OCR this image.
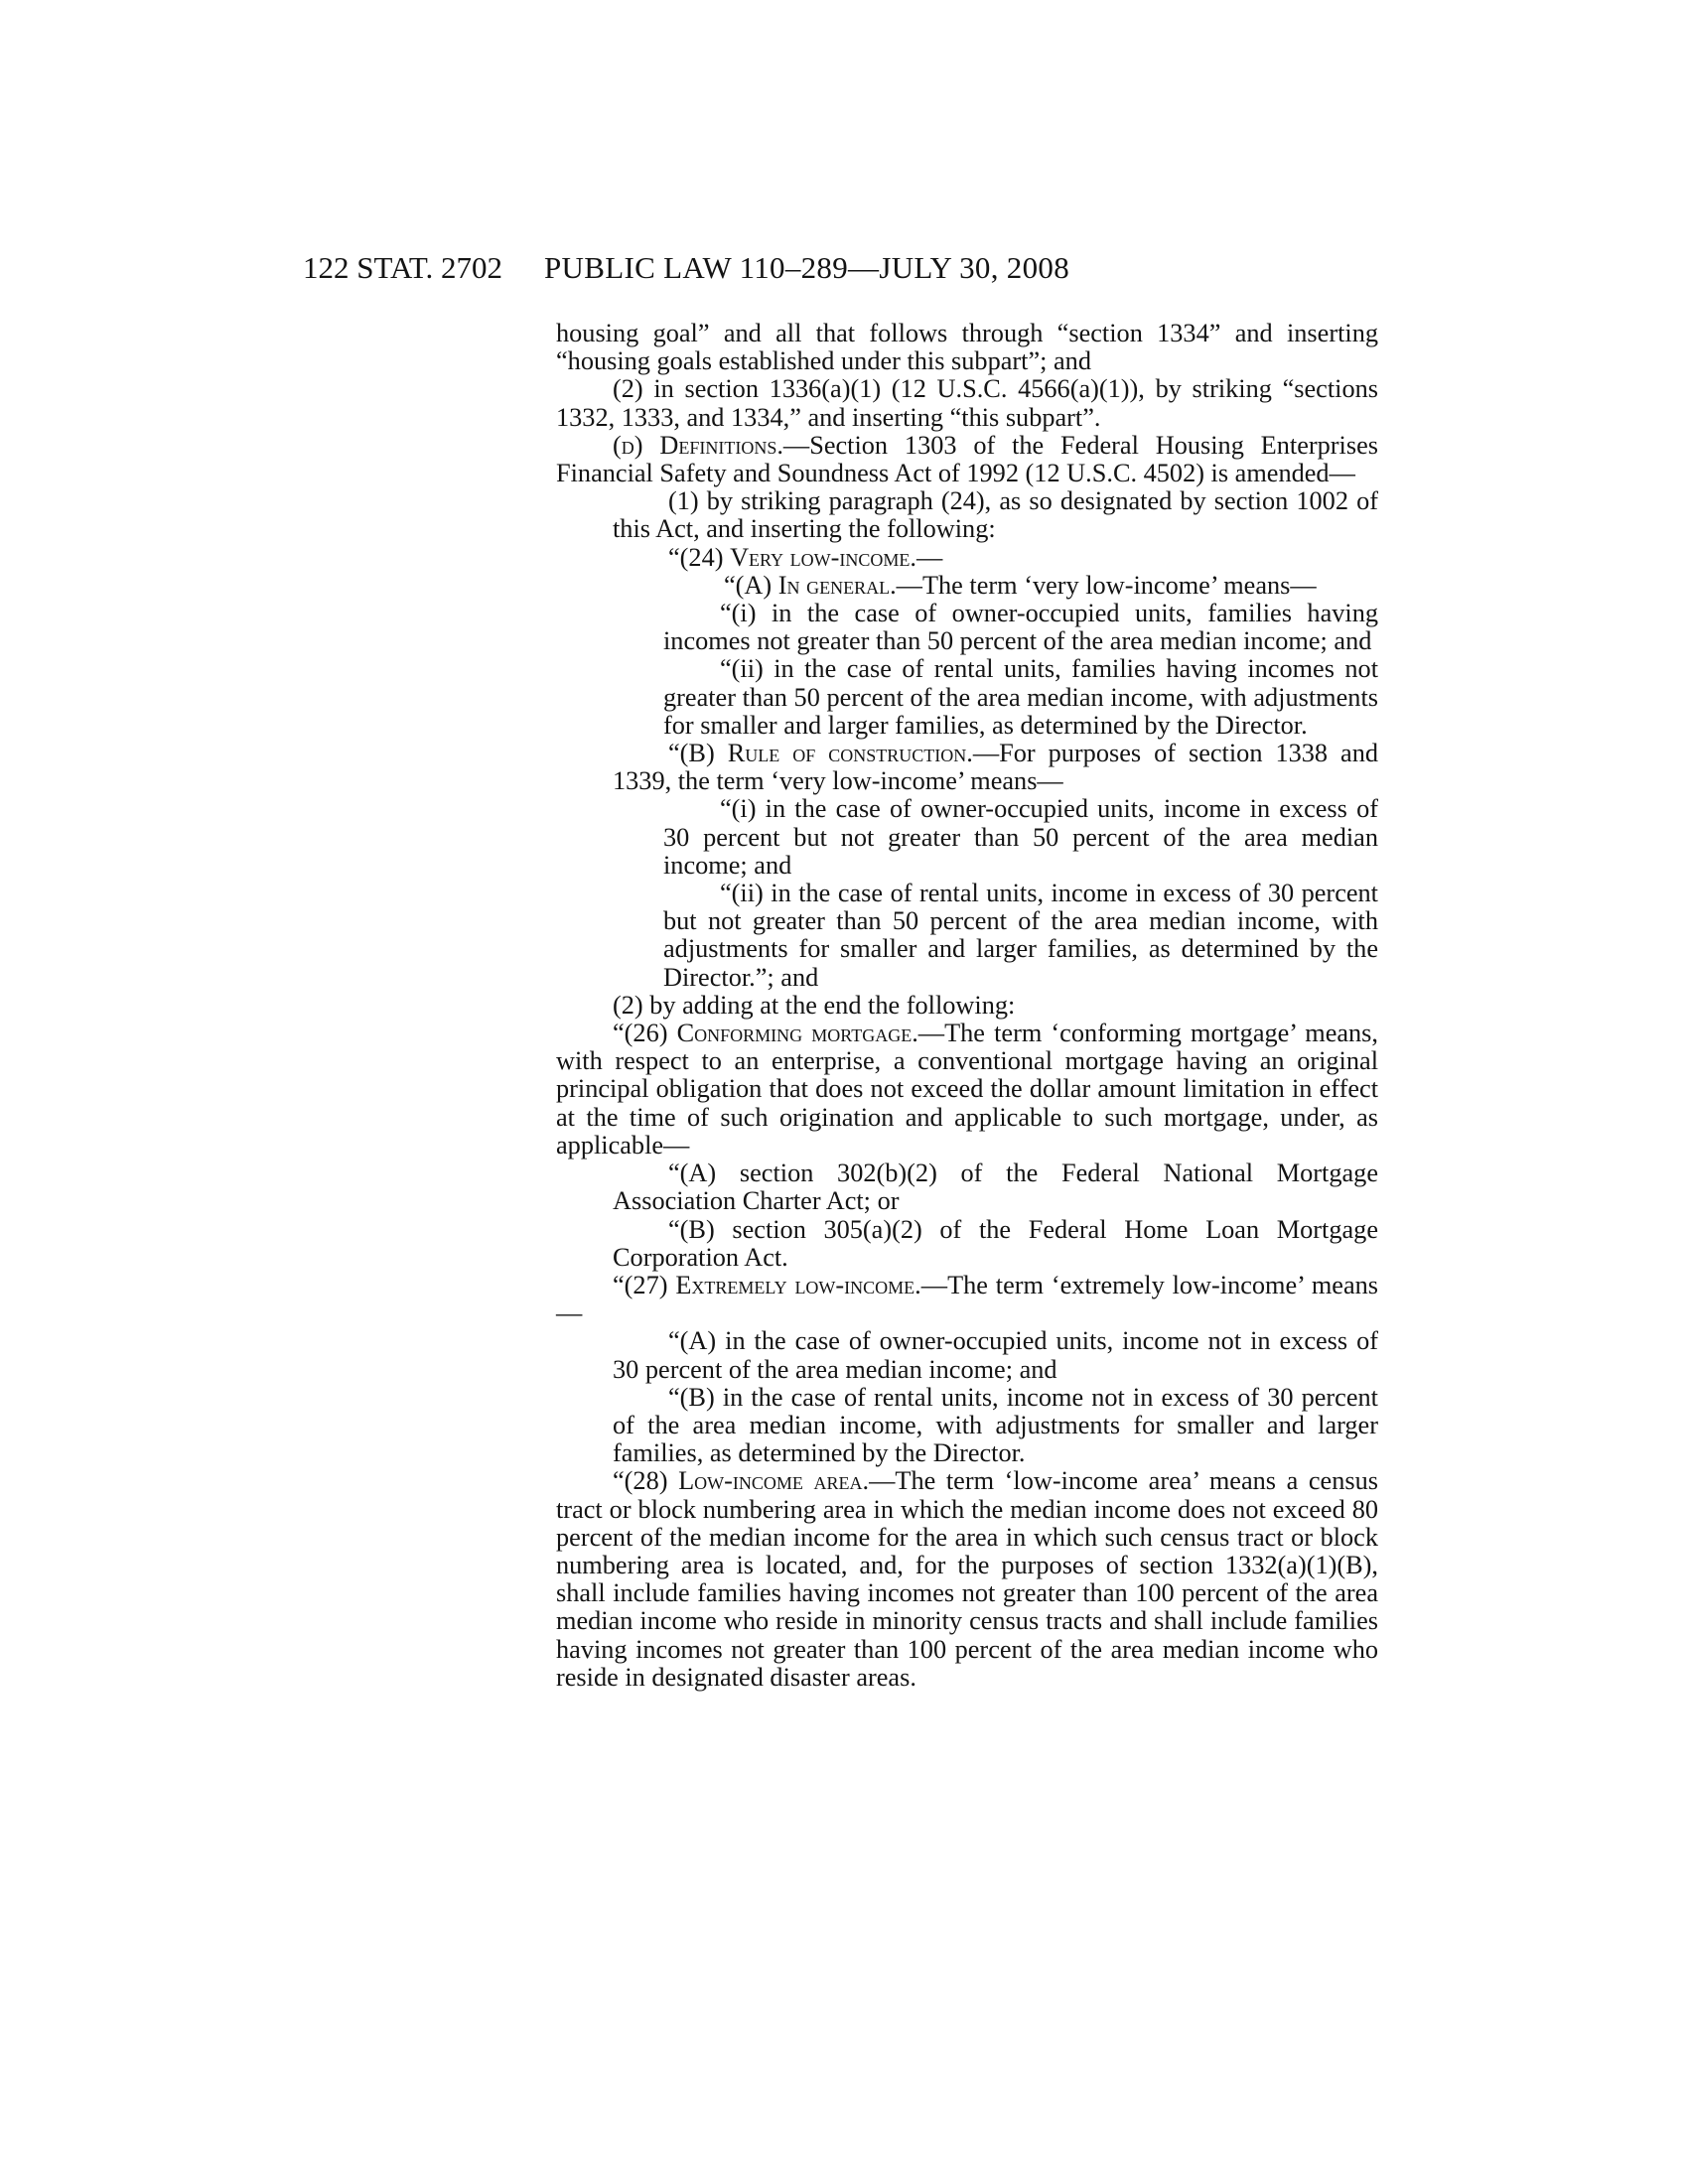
122 STAT. 2702 PUBLIC LAW 110–289—JULY 30, 2008

housing goal” and all that follows through “section 1334” and inserting “housing goals established under this subpart”; and

(2) in section 1336(a)(1) (12 U.S.C. 4566(a)(1)), by striking “sections 1332, 1333, and 1334,” and inserting “this subpart”.

(d) Definitions.—Section 1303 of the Federal Housing Enterprises Financial Safety and Soundness Act of 1992 (12 U.S.C. 4502) is amended—

(1) by striking paragraph (24), as so designated by section 1002 of this Act, and inserting the following:

“(24) Very low-income.—

“(A) In general.—The term ‘very low-income’ means—

“(i) in the case of owner-occupied units, families having incomes not greater than 50 percent of the area median income; and

“(ii) in the case of rental units, families having incomes not greater than 50 percent of the area median income, with adjustments for smaller and larger families, as determined by the Director.

“(B) Rule of construction.—For purposes of section 1338 and 1339, the term ‘very low-income’ means—

“(i) in the case of owner-occupied units, income in excess of 30 percent but not greater than 50 percent of the area median income; and

“(ii) in the case of rental units, income in excess of 30 percent but not greater than 50 percent of the area median income, with adjustments for smaller and larger families, as determined by the Director.”; and

(2) by adding at the end the following:

“(26) Conforming mortgage.—The term ‘conforming mortgage’ means, with respect to an enterprise, a conventional mortgage having an original principal obligation that does not exceed the dollar amount limitation in effect at the time of such origination and applicable to such mortgage, under, as applicable—

“(A) section 302(b)(2) of the Federal National Mortgage Association Charter Act; or

“(B) section 305(a)(2) of the Federal Home Loan Mortgage Corporation Act.

“(27) Extremely low-income.—The term ‘extremely low-income’ means—

“(A) in the case of owner-occupied units, income not in excess of 30 percent of the area median income; and

“(B) in the case of rental units, income not in excess of 30 percent of the area median income, with adjustments for smaller and larger families, as determined by the Director.

“(28) Low-income area.—The term ‘low-income area’ means a census tract or block numbering area in which the median income does not exceed 80 percent of the median income for the area in which such census tract or block numbering area is located, and, for the purposes of section 1332(a)(1)(B), shall include families having incomes not greater than 100 percent of the area median income who reside in minority census tracts and shall include families having incomes not greater than 100 percent of the area median income who reside in designated disaster areas.
